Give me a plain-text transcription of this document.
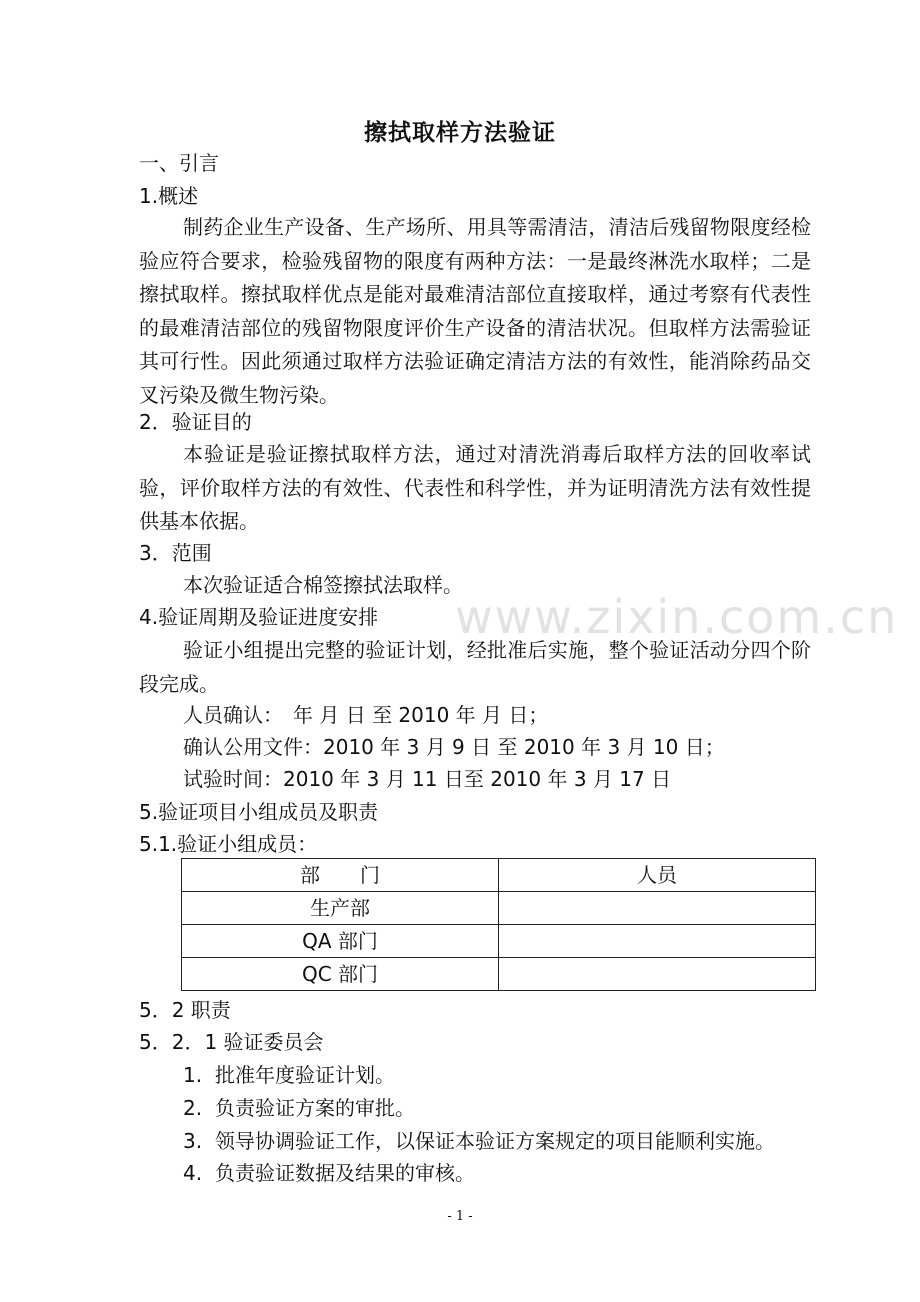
www.zixin.com.cn
擦拭取样方法验证
一、引言
1.概述
制药企业生产设备、生产场所、用具等需清洁，清洁后残留物限度经检验应符合要求，检验残留物的限度有两种方法：一是最终淋洗水取样；二是擦拭取样。擦拭取样优点是能对最难清洁部位直接取样，通过考察有代表性的最难清洁部位的残留物限度评价生产设备的清洁状况。但取样方法需验证其可行性。因此须通过取样方法验证确定清洁方法的有效性，能消除药品交叉污染及微生物污染。
2．验证目的
本验证是验证擦拭取样方法，通过对清洗消毒后取样方法的回收率试验，评价取样方法的有效性、代表性和科学性，并为证明清洗方法有效性提供基本依据。
3．范围
本次验证适合棉签擦拭法取样。
4.验证周期及验证进度安排
验证小组提出完整的验证计划，经批准后实施，整个验证活动分四个阶段完成。
人员确认：　年 月 日 至 2010 年 月 日；
确认公用文件：2010 年 3 月 9 日 至 2010 年 3 月 10 日；
试验时间：2010 年 3 月 11 日至 2010 年 3 月 17 日
5.验证项目小组成员及职责
5.1.验证小组成员：
部　　门	人员
生产部	
QA 部门	
QC 部门	
5．2 职责
5．2．1 验证委员会
1. 批准年度验证计划。
2. 负责验证方案的审批。
3. 领导协调验证工作，以保证本验证方案规定的项目能顺利实施。
4. 负责验证数据及结果的审核。
- 1 -
